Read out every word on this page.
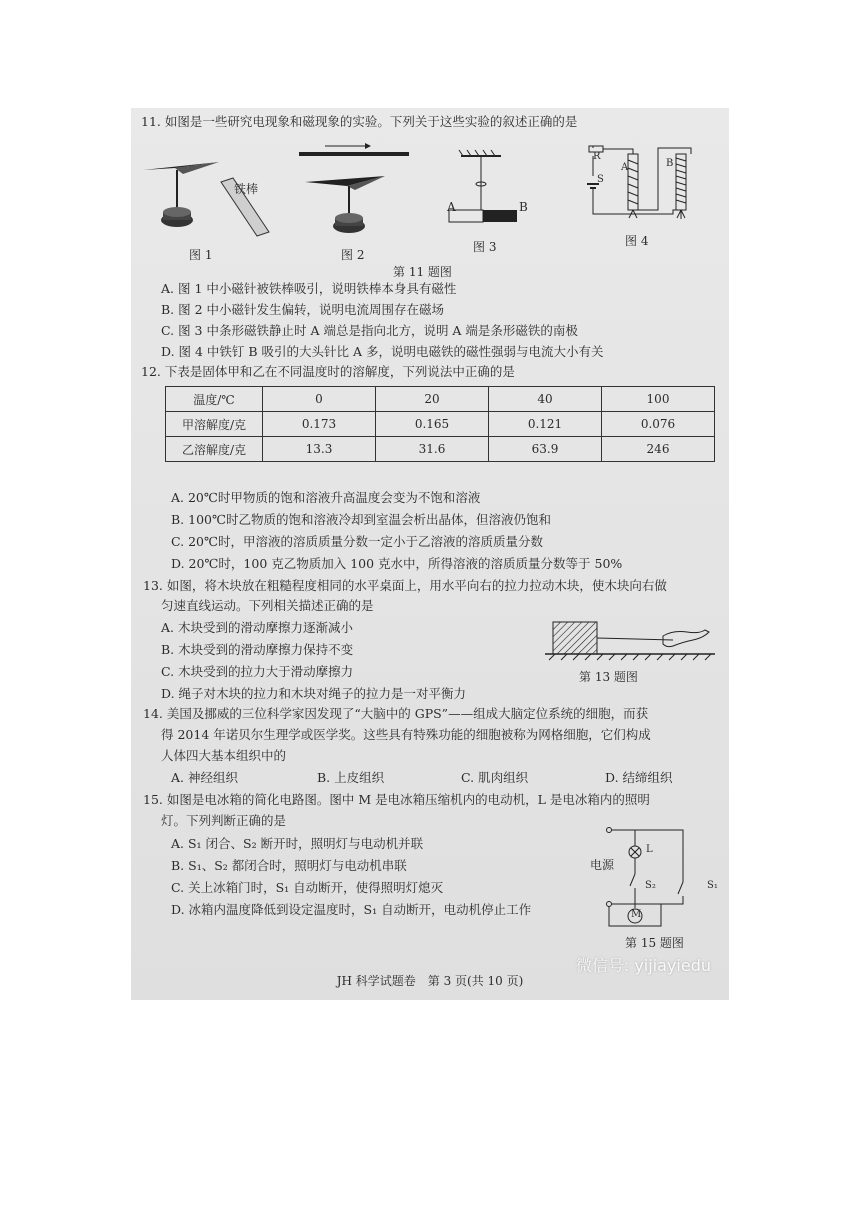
11. 如图是一些研究电现象和磁现象的实验。下列关于这些实验的叙述正确的是
铁棒
图 1	图 2
A	B
图 3
R
S
A	B
图 4
第 11 题图
A. 图 1 中小磁针被铁棒吸引，说明铁棒本身具有磁性
B. 图 2 中小磁针发生偏转，说明电流周围存在磁场
C. 图 3 中条形磁铁静止时 A 端总是指向北方，说明 A 端是条形磁铁的南极
D. 图 4 中铁钉 B 吸引的大头针比 A 多，说明电磁铁的磁性强弱与电流大小有关
12. 下表是固体甲和乙在不同温度时的溶解度，下列说法中正确的是
温度/℃	0	20	40	100
甲溶解度/克	0.173	0.165	0.121	0.076
乙溶解度/克	13.3	31.6	63.9	246
A. 20℃时甲物质的饱和溶液升高温度会变为不饱和溶液
B. 100℃时乙物质的饱和溶液冷却到室温会析出晶体，但溶液仍饱和
C. 20℃时，甲溶液的溶质质量分数一定小于乙溶液的溶质质量分数
D. 20℃时，100 克乙物质加入 100 克水中，所得溶液的溶质质量分数等于 50%
13. 如图，将木块放在粗糙程度相同的水平桌面上，用水平向右的拉力拉动木块，使木块向右做
匀速直线运动。下列相关描述正确的是
A. 木块受到的滑动摩擦力逐渐减小
B. 木块受到的滑动摩擦力保持不变
C. 木块受到的拉力大于滑动摩擦力
D. 绳子对木块的拉力和木块对绳子的拉力是一对平衡力
第 13 题图
14. 美国及挪威的三位科学家因发现了“大脑中的 GPS”——组成大脑定位系统的细胞，而获
得 2014 年诺贝尔生理学或医学奖。这些具有特殊功能的细胞被称为网格细胞，它们构成
人体四大基本组织中的
A. 神经组织	B. 上皮组织	C. 肌肉组织	D. 结缔组织
15. 如图是电冰箱的简化电路图。图中 M 是电冰箱压缩机内的电动机，L 是电冰箱内的照明
灯。下列判断正确的是
A. S₁ 闭合、S₂ 断开时，照明灯与电动机并联
B. S₁、S₂ 都闭合时，照明灯与电动机串联
C. 关上冰箱门时，S₁ 自动断开，使得照明灯熄灭
D. 冰箱内温度降低到设定温度时，S₁ 自动断开，电动机停止工作
电源
L
S₂	S₁
M
第 15 题图
JH 科学试题卷　第 3 页(共 10 页)
微信号: yijiayiedu
